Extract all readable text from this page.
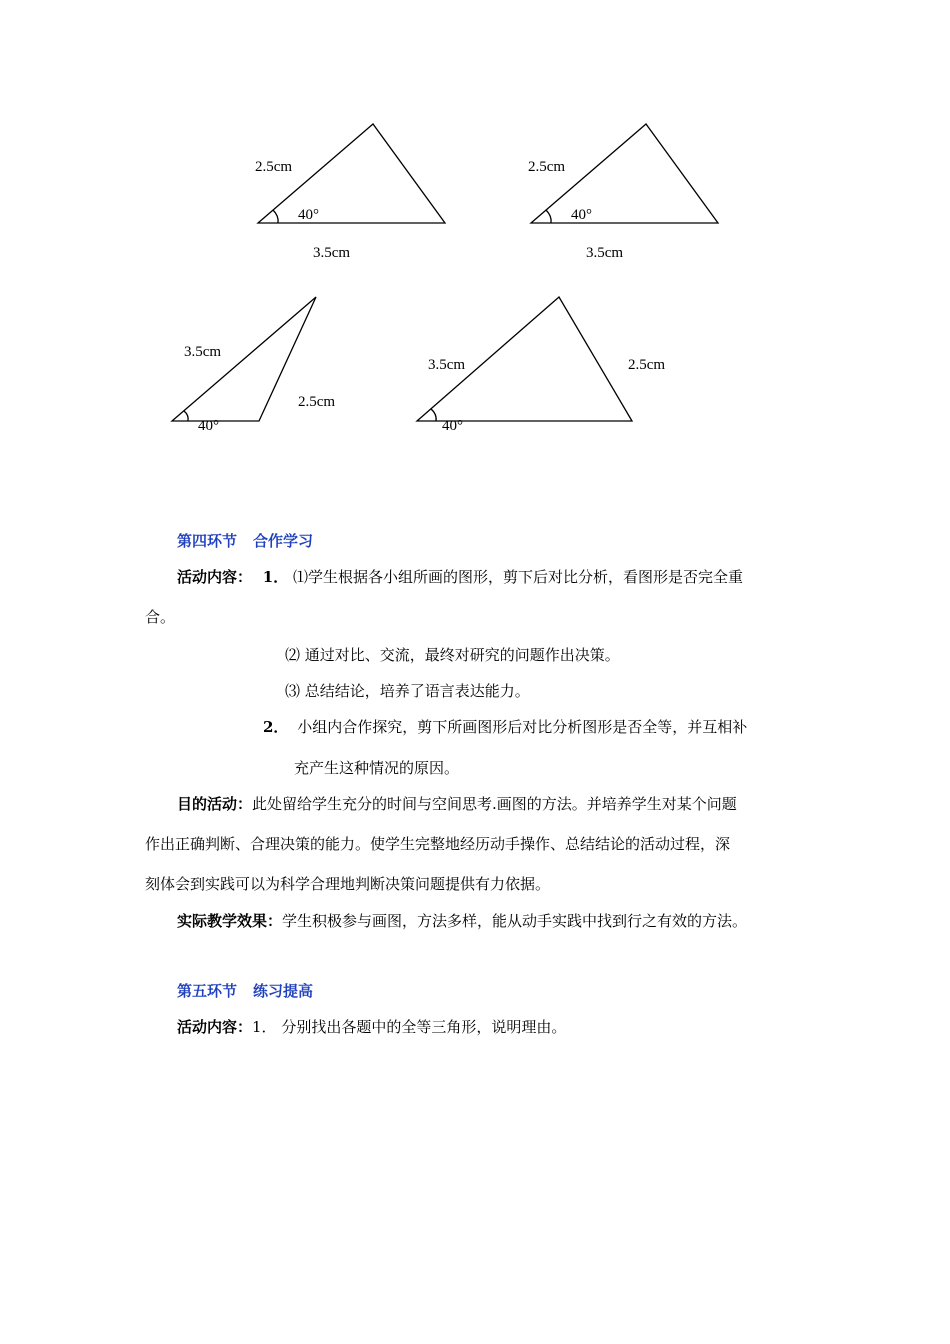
2.5cm
40°
3.5cm
2.5cm
40°
3.5cm
3.5cm
2.5cm
40°
3.5cm	2.5cm
40°
第四环节 合作学习
活动内容： 1． ⑴学生根据各小组所画的图形，剪下后对比分析，看图形是否完全重
合。
⑵ 通过对比、交流，最终对研究的问题作出决策。
⑶ 总结结论，培养了语言表达能力。
2． 小组内合作探究，剪下所画图形后对比分析图形是否全等，并互相补
充产生这种情况的原因。
目的活动：此处留给学生充分的时间与空间思考.画图的方法。并培养学生对某个问题
作出正确判断、合理决策的能力。使学生完整地经历动手操作、总结结论的活动过程，深
刻体会到实践可以为科学合理地判断决策问题提供有力依据。
实际教学效果：学生积极参与画图，方法多样，能从动手实践中找到行之有效的方法。
第五环节 练习提高
活动内容：1． 分别找出各题中的全等三角形，说明理由。
